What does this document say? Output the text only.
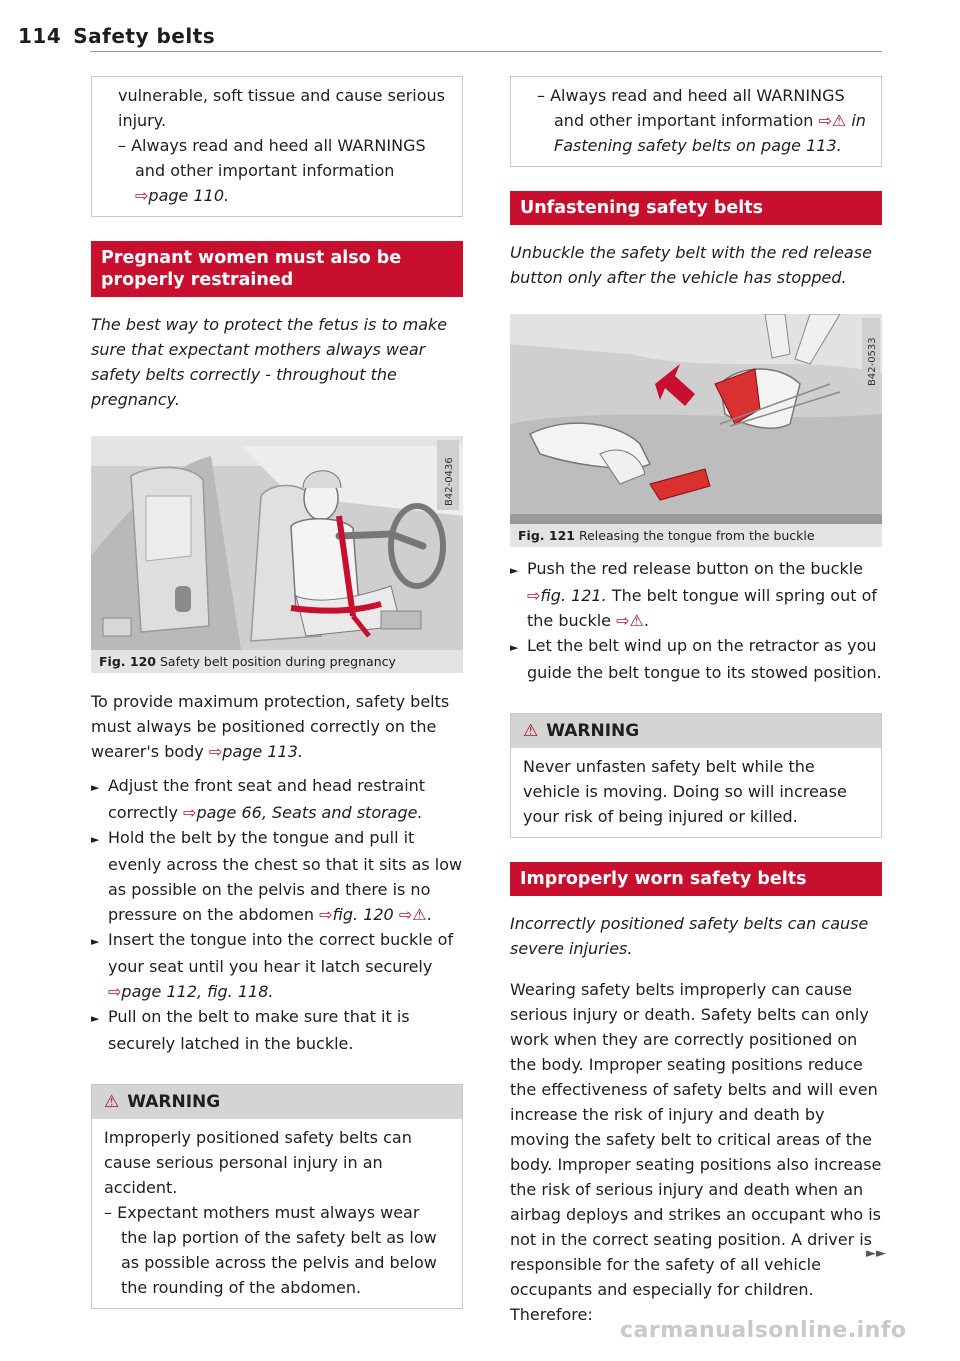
114 Safety belts

vulnerable, soft tissue and cause serious injury.

– Always read and heed all WARNINGS and other important information ⇨page 110.

Pregnant women must also be properly restrained
The best way to protect the fetus is to make sure that expectant mothers always wear safety belts correctly - throughout the pregnancy.
B42-0436
Fig. 120 Safety belt position during pregnancy
To provide maximum protection, safety belts must always be positioned correctly on the wearer's body ⇨page 113.
► Adjust the front seat and head restraint correctly ⇨page 66, Seats and storage.
► Hold the belt by the tongue and pull it evenly across the chest so that it sits as low as possible on the pelvis and there is no pressure on the abdomen ⇨fig. 120 ⇨⚠.
► Insert the tongue into the correct buckle of your seat until you hear it latch securely ⇨page 112, fig. 118.
► Pull on the belt to make sure that it is securely latched in the buckle.
⚠ WARNING
Improperly positioned safety belts can cause serious personal injury in an accident.
– Expectant mothers must always wear the lap portion of the safety belt as low as possible across the pelvis and below the rounding of the abdomen.

– Always read and heed all WARNINGS and other important information ⇨⚠ in Fastening safety belts on page 113.

Unfastening safety belts
Unbuckle the safety belt with the red release button only after the vehicle has stopped.
B42-0533
Fig. 121 Releasing the tongue from the buckle
► Push the red release button on the buckle ⇨fig. 121. The belt tongue will spring out of the buckle ⇨⚠.
► Let the belt wind up on the retractor as you guide the belt tongue to its stowed position.
⚠ WARNING
Never unfasten safety belt while the vehicle is moving. Doing so will increase your risk of being injured or killed.
Improperly worn safety belts
Incorrectly positioned safety belts can cause severe injuries.
Wearing safety belts improperly can cause serious injury or death. Safety belts can only work when they are correctly positioned on the body. Improper seating positions reduce the effectiveness of safety belts and will even increase the risk of injury and death by moving the safety belt to critical areas of the body. Improper seating positions also increase the risk of serious injury and death when an airbag deploys and strikes an occupant who is not in the correct seating position. A driver is responsible for the safety of all vehicle occupants and especially for children. Therefore:
►►
carmanualsonline.info
